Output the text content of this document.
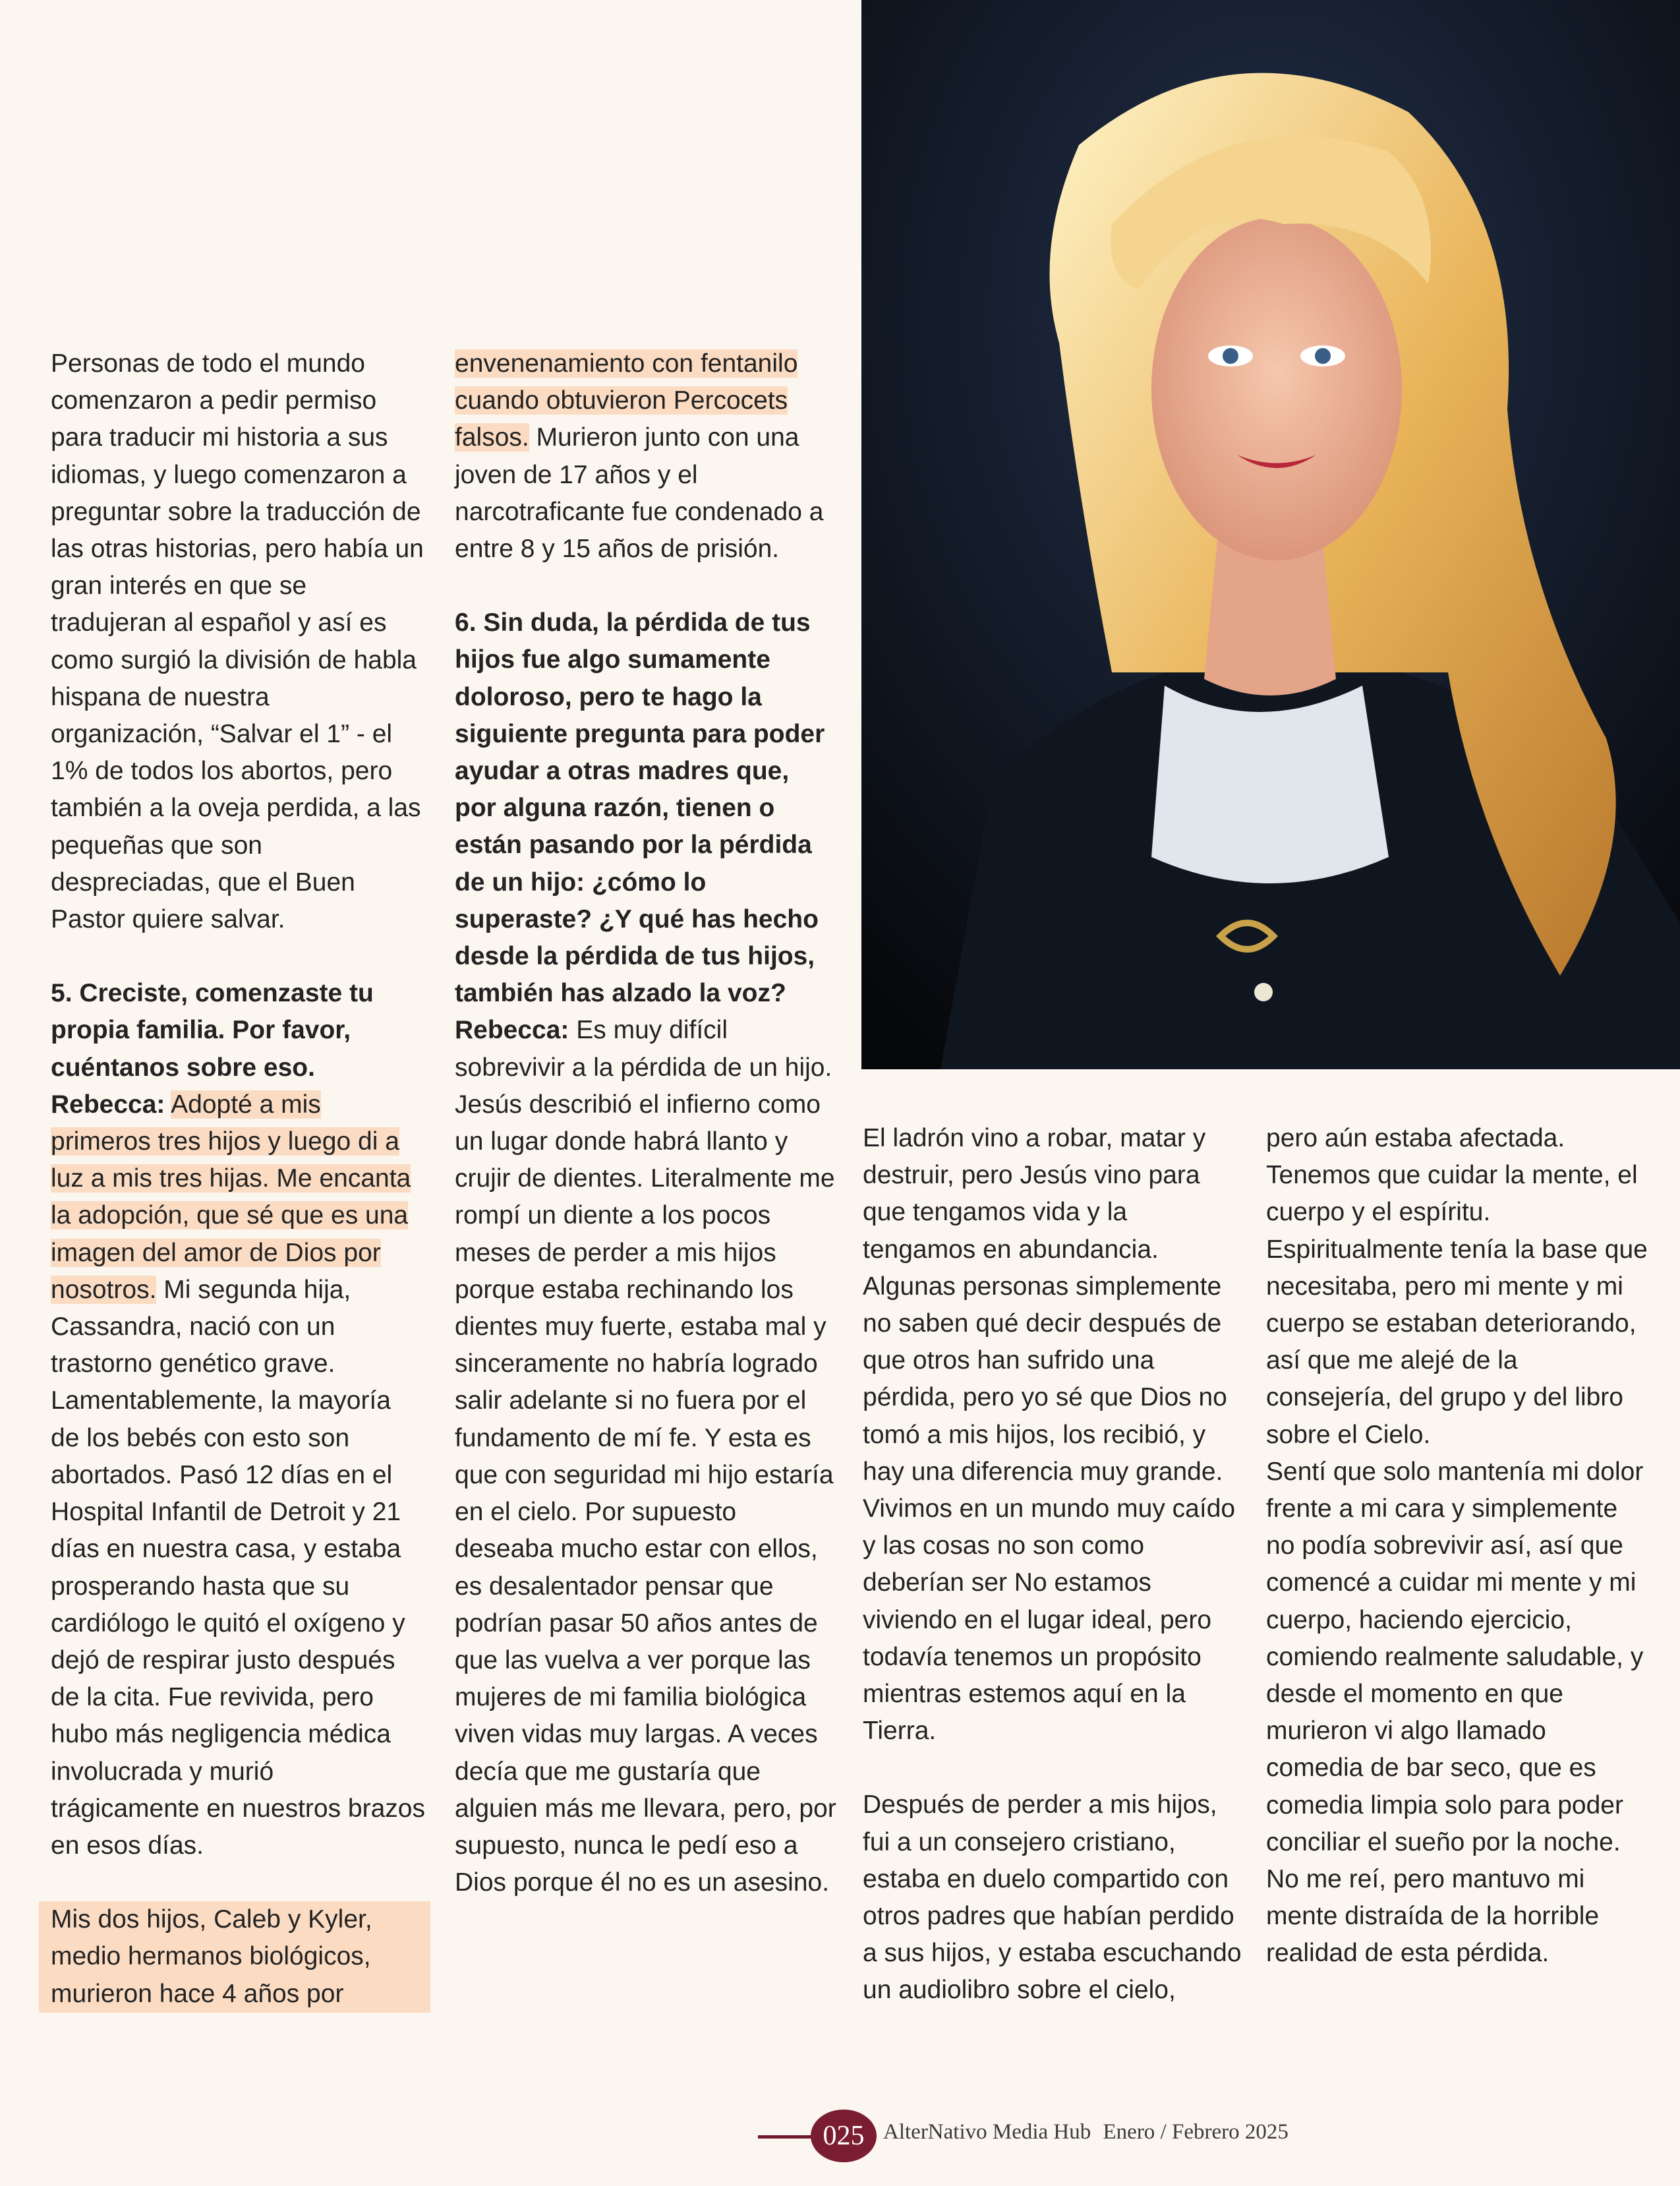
Personas de todo el mundo comenzaron a pedir permiso para traducir mi historia a sus idiomas, y luego comenzaron a preguntar sobre la traducción de las otras historias, pero había un gran interés en que se tradujeran al español y así es como surgió la división de habla hispana de nuestra organización, “Salvar el 1” - el 1% de todos los abortos, pero también a la oveja perdida, a las pequeñas que son despreciadas, que el Buen Pastor quiere salvar.

5. Creciste, comenzaste tu propia familia. Por favor, cuéntanos sobre eso.

Rebecca: Adopté a mis primeros tres hijos y luego di a luz a mis tres hijas. Me encanta la adopción, que sé que es una imagen del amor de Dios por nosotros. Mi segunda hija, Cassandra, nació con un trastorno genético grave. Lamentablemente, la mayoría de los bebés con esto son abortados. Pasó 12 días en el Hospital Infantil de Detroit y 21 días en nuestra casa, y estaba prosperando hasta que su cardiólogo le quitó el oxígeno y dejó de respirar justo después de la cita. Fue revivida, pero hubo más negligencia médica involucrada y murió trágicamente en nuestros brazos en esos días.

Mis dos hijos, Caleb y Kyler, medio hermanos biológicos, murieron hace 4 años por

envenenamiento con fentanilo cuando obtuvieron Percocets falsos. Murieron junto con una joven de 17 años y el narcotraficante fue condenado a entre 8 y 15 años de prisión.

6. Sin duda, la pérdida de tus hijos fue algo sumamente doloroso, pero te hago la siguiente pregunta para poder ayudar a otras madres que, por alguna razón, tienen o están pasando por la pérdida de un hijo: ¿cómo lo superaste? ¿Y qué has hecho desde la pérdida de tus hijos, también has alzado la voz?

Rebecca: Es muy difícil sobrevivir a la pérdida de un hijo. Jesús describió el infierno como un lugar donde habrá llanto y crujir de dientes. Literalmente me rompí un diente a los pocos meses de perder a mis hijos porque estaba rechinando los dientes muy fuerte, estaba mal y sinceramente no habría logrado salir adelante si no fuera por el fundamento de mí fe. Y esta es que con seguridad mi hijo estaría en el cielo. Por supuesto deseaba mucho estar con ellos, es desalentador pensar que podrían pasar 50 años antes de que las vuelva a ver porque las mujeres de mi familia biológica viven vidas muy largas. A veces decía que me gustaría que alguien más me llevara, pero, por supuesto, nunca le pedí eso a Dios porque él no es un asesino.

El ladrón vino a robar, matar y destruir, pero Jesús vino para que tengamos vida y la tengamos en abundancia. Algunas personas simplemente no saben qué decir después de que otros han sufrido una pérdida, pero yo sé que Dios no tomó a mis hijos, los recibió, y hay una diferencia muy grande. Vivimos en un mundo muy caído y las cosas no son como deberían ser No estamos viviendo en el lugar ideal, pero todavía tenemos un propósito mientras estemos aquí en la Tierra.

Después de perder a mis hijos, fui a un consejero cristiano, estaba en duelo compartido con otros padres que habían perdido a sus hijos, y estaba escuchando un audiolibro sobre el cielo,

pero aún estaba afectada. Tenemos que cuidar la mente, el cuerpo y el espíritu. Espiritualmente tenía la base que necesitaba, pero mi mente y mi cuerpo se estaban deteriorando, así que me alejé de la consejería, del grupo y del libro sobre el Cielo.

Sentí que solo mantenía mi dolor frente a mi cara y simplemente no podía sobrevivir así, así que comencé a cuidar mi mente y mi cuerpo, haciendo ejercicio, comiendo realmente saludable, y desde el momento en que murieron vi algo llamado comedia de bar seco, que es comedia limpia solo para poder conciliar el sueño por la noche. No me reí, pero mantuvo mi mente distraída de la horrible realidad de esta pérdida.

025 AlterNativo Media Hub Enero / Febrero 2025
